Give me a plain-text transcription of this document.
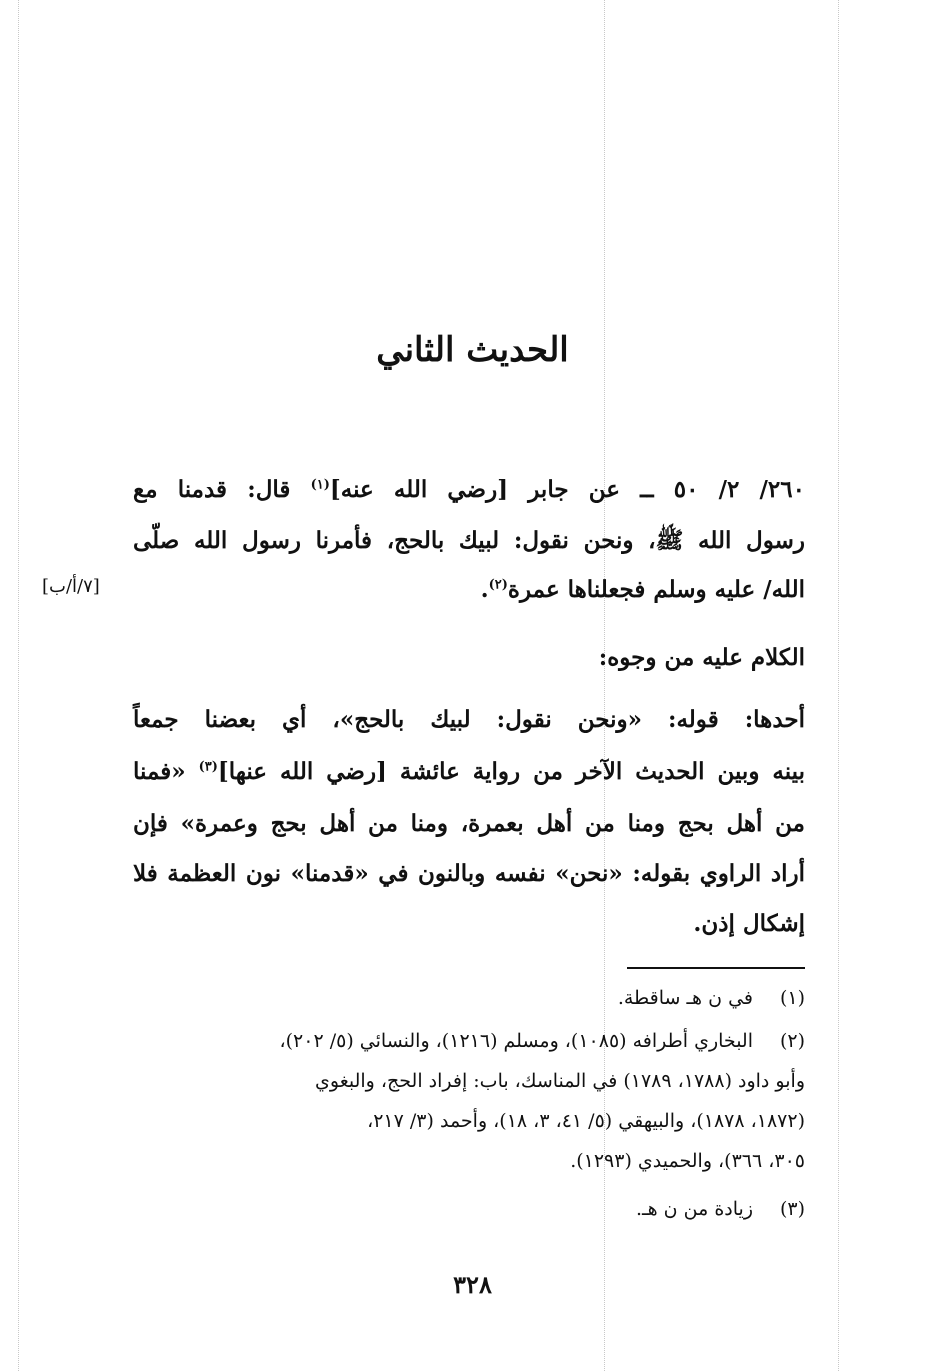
الحديث الثاني
٢٦٠/ ٢/ ٥٠ ــ عن جابر [رضي الله عنه]$^{(١)}$ قال: قدمنا مع
رسول الله ﷺ، ونحن نقول: لبيك بالحج، فأمرنا رسول الله صلّى
الله/ عليه وسلم فجعلناها عمرة$^{(٢)}$.
[٧/أ/ب]
الكلام عليه من وجوه:
أحدها: قوله: «ونحن نقول: لبيك بالحج»، أي بعضنا جمعاً
بينه وبين الحديث الآخر من رواية عائشة [رضي الله عنها]$^{(٣)}$ «فمنا
من أهل بحج ومنا من أهل بعمرة، ومنا من أهل بحج وعمرة» فإن
أراد الراوي بقوله: «نحن» نفسه وبالنون في «قدمنا» نون العظمة فلا
إشكال إذن.
(١)في ن هـ ساقطة.
(٢)البخاري أطرافه (١٠٨٥)، ومسلم (١٢١٦)، والنسائي (٥/ ٢٠٢)،
وأبو داود (١٧٨٨، ١٧٨٩) في المناسك، باب: إفراد الحج، والبغوي
(١٨٧٢، ١٨٧٨)، والبيهقي (٥/ ٤١، ٣، ١٨)، وأحمد (٣/ ٢١٧،
٣٠٥، ٣٦٦)، والحميدي (١٢٩٣).
(٣)زيادة من ن هـ.
٣٢٨
